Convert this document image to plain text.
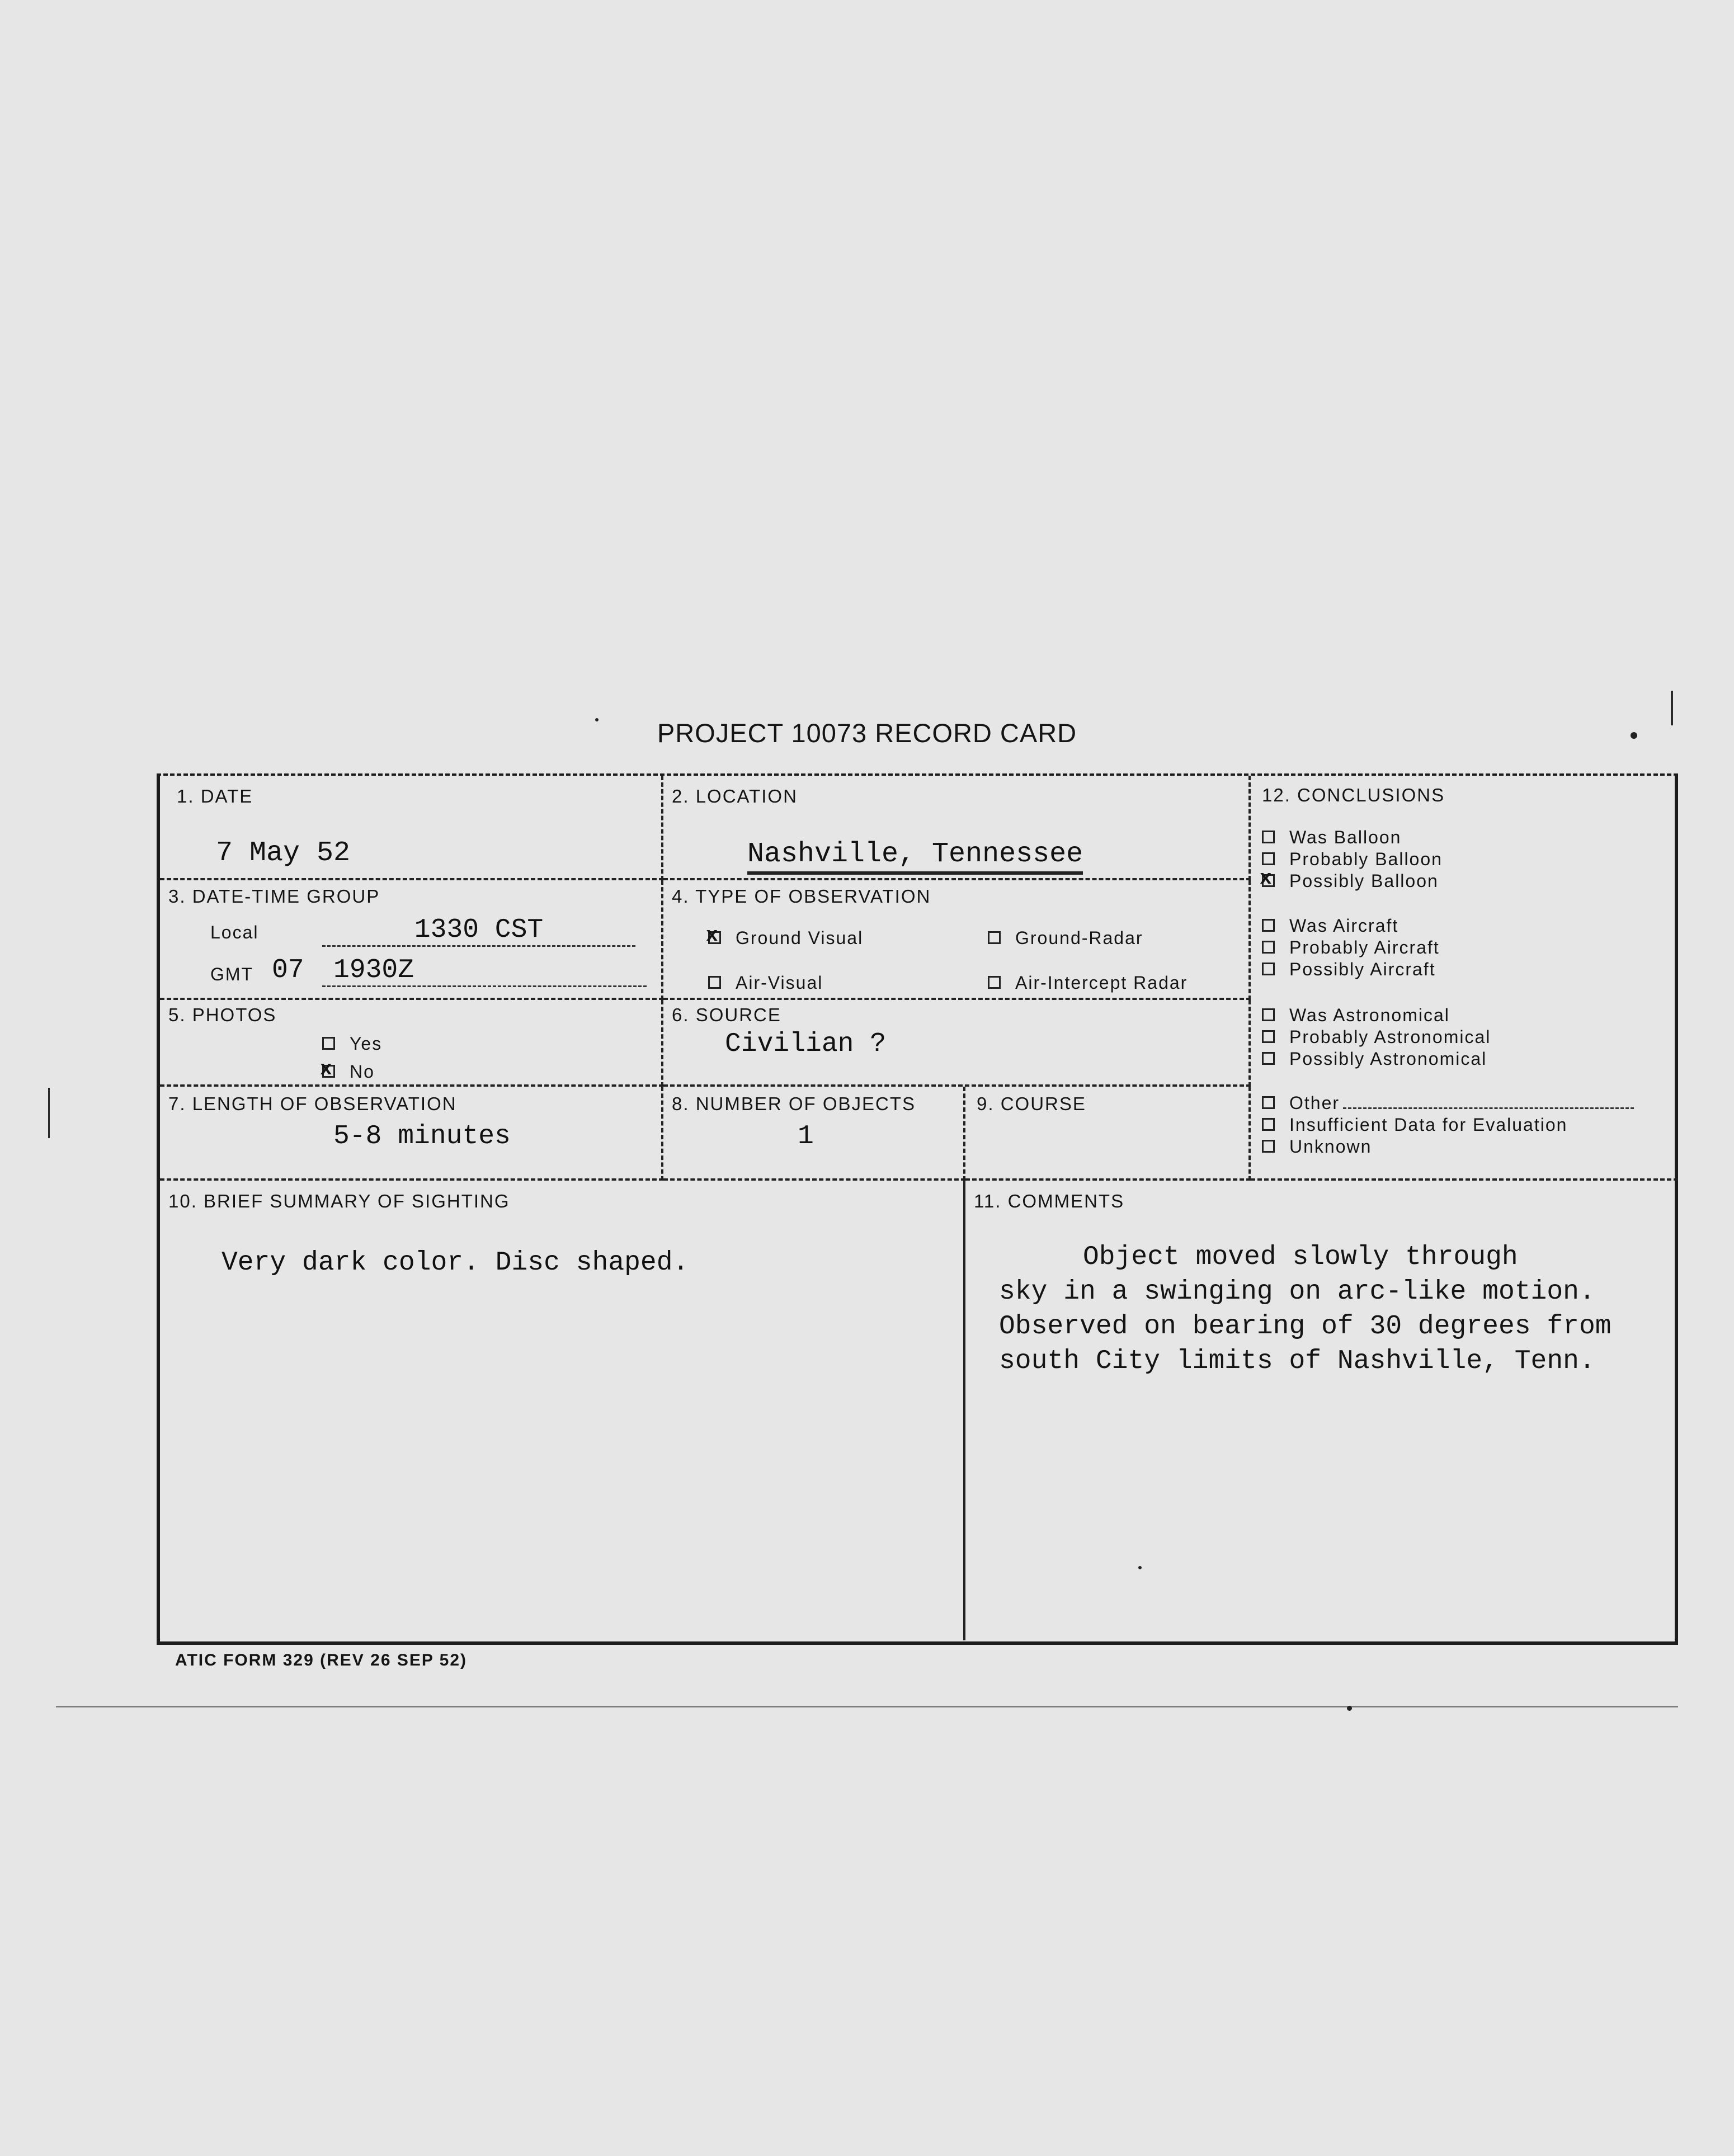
PROJECT 10073 RECORD CARD
1. DATE
7 May 52
2. LOCATION
Nashville, Tennessee
3. DATE-TIME GROUP
Local	1330 CST
GMT 07	1930Z
4. TYPE OF OBSERVATION
xGround Visual	Ground-Radar
Air-Visual	Air-Intercept Radar
5. PHOTOS
Yes
xNo
6. SOURCE
Civilian ?
7. LENGTH OF OBSERVATION
5-8 minutes
8. NUMBER OF OBJECTS
1
9. COURSE
12. CONCLUSIONS
Was Balloon
Probably Balloon
xPossibly Balloon
Was Aircraft
Probably Aircraft
Possibly Aircraft
Was Astronomical
Probably Astronomical
Possibly Astronomical
Other
Insufficient Data for Evaluation
Unknown
10. BRIEF SUMMARY OF SIGHTING
Very dark color. Disc shaped.
11. COMMENTS
Object moved slowly through
sky in a swinging on arc-like motion.
Observed on bearing of 30 degrees from
south City limits of Nashville, Tenn.
ATIC FORM 329 (REV 26 SEP 52)
